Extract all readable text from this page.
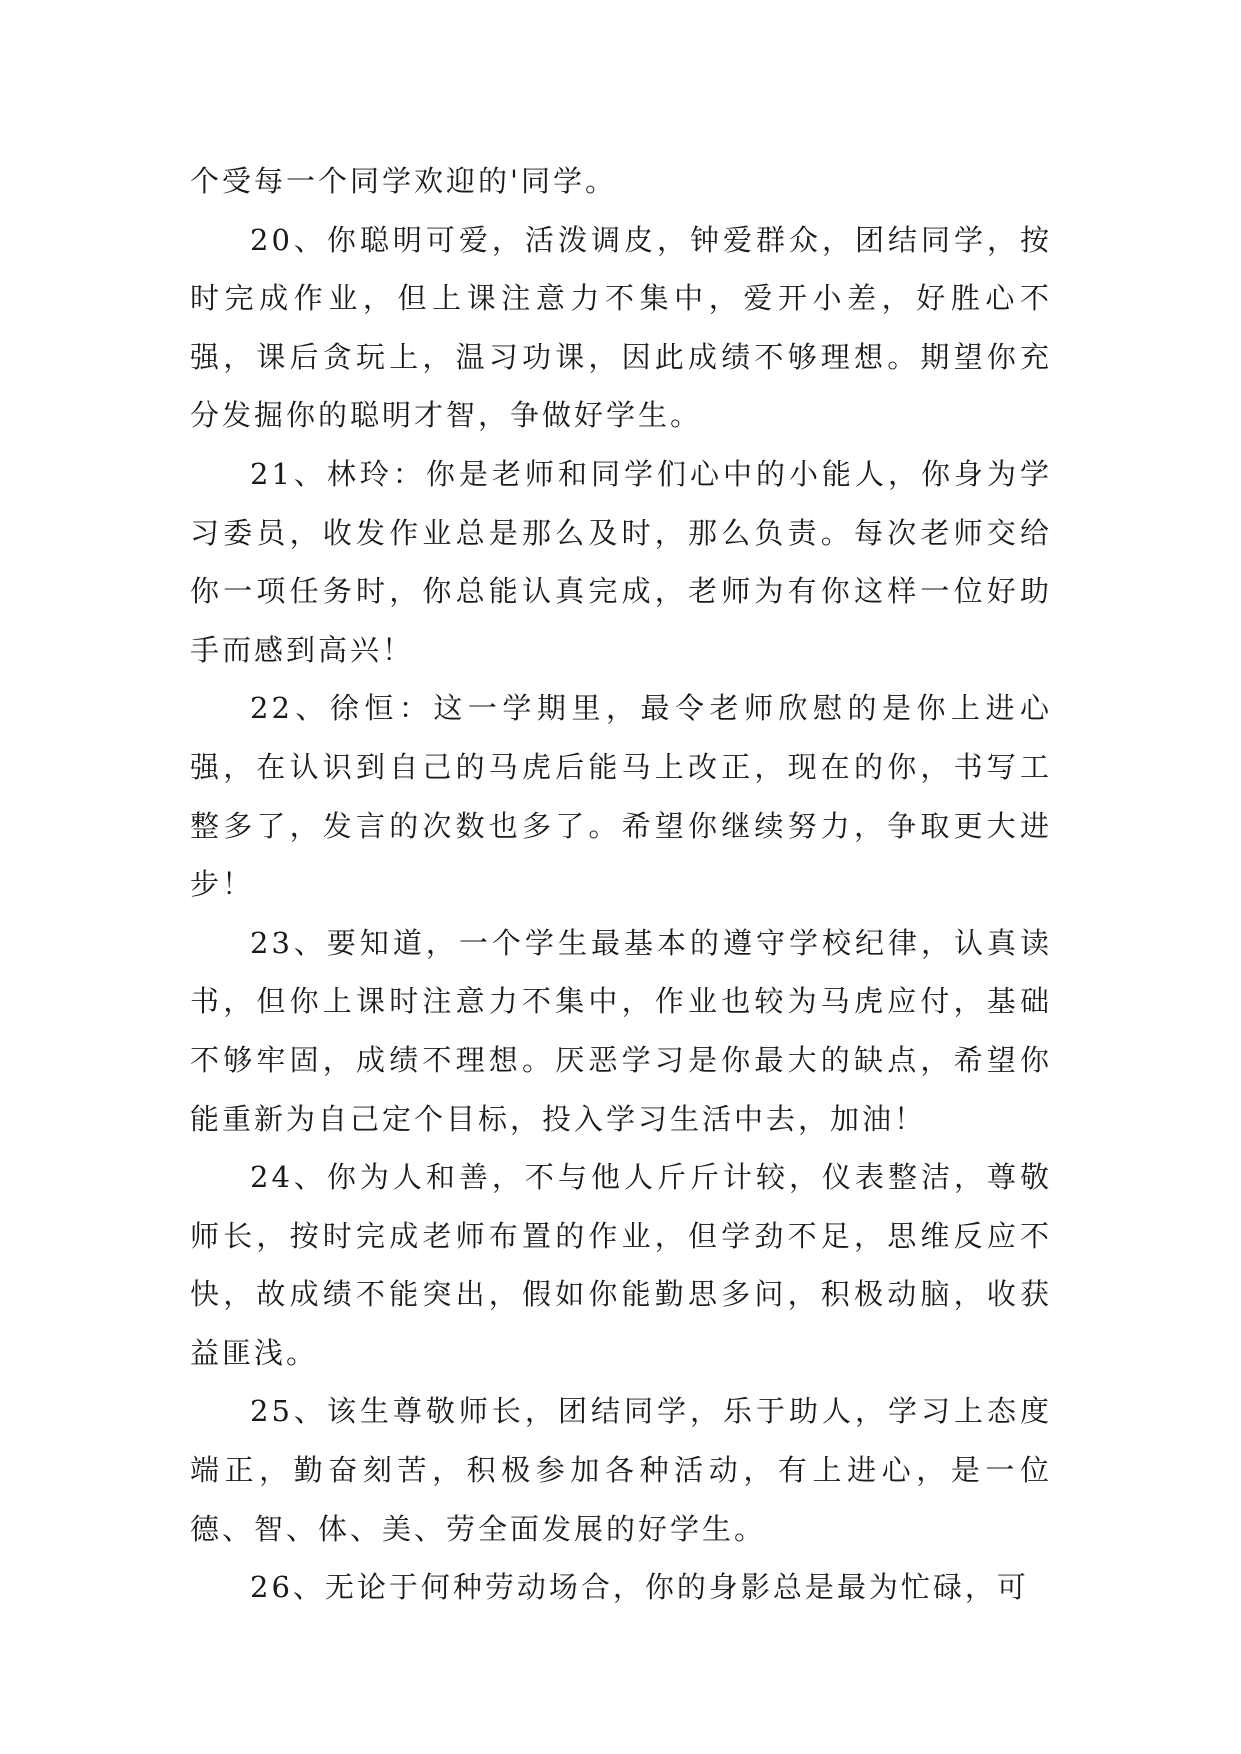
个受每一个同学欢迎的'同学。

20、你聪明可爱，活泼调皮，钟爱群众，团结同学，按时完成作业，但上课注意力不集中，爱开小差，好胜心不强，课后贪玩上，温习功课，因此成绩不够理想。期望你充分发掘你的聪明才智，争做好学生。

21、林玲：你是老师和同学们心中的小能人，你身为学习委员，收发作业总是那么及时，那么负责。每次老师交给你一项任务时，你总能认真完成，老师为有你这样一位好助手而感到高兴！

22、徐恒：这一学期里，最令老师欣慰的是你上进心强，在认识到自己的马虎后能马上改正，现在的你，书写工整多了，发言的次数也多了。希望你继续努力，争取更大进步！

23、要知道，一个学生最基本的遵守学校纪律，认真读书，但你上课时注意力不集中，作业也较为马虎应付，基础不够牢固，成绩不理想。厌恶学习是你最大的缺点，希望你能重新为自己定个目标，投入学习生活中去，加油！

24、你为人和善，不与他人斤斤计较，仪表整洁，尊敬师长，按时完成老师布置的作业，但学劲不足，思维反应不快，故成绩不能突出，假如你能勤思多问，积极动脑，收获益匪浅。

25、该生尊敬师长，团结同学，乐于助人，学习上态度端正，勤奋刻苦，积极参加各种活动，有上进心，是一位德、智、体、美、劳全面发展的好学生。

26、无论于何种劳动场合，你的身影总是最为忙碌，可
